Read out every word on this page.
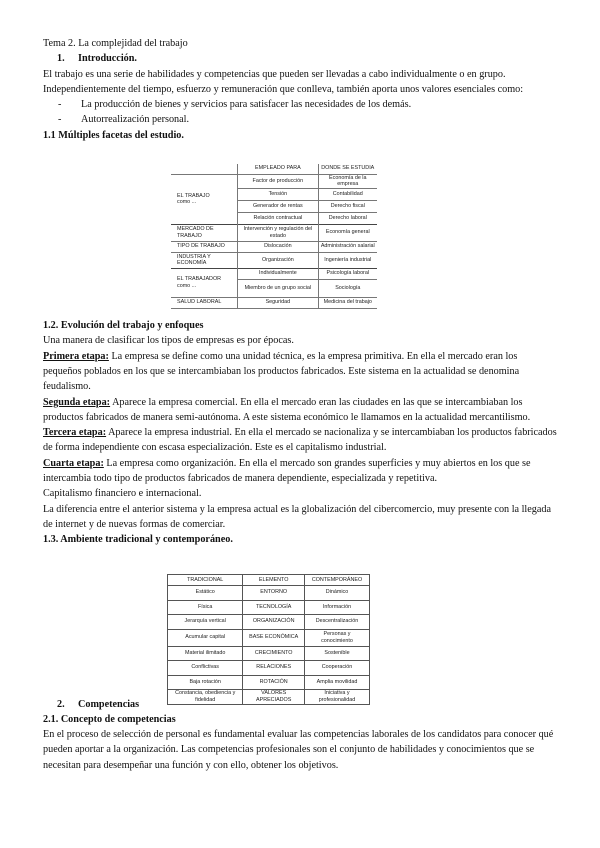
Tema 2. La complejidad del trabajo

1. Introducción.

El trabajo es una serie de habilidades y competencias que pueden ser llevadas a cabo individualmente o en grupo. Independientemente del tiempo, esfuerzo y remuneración que conlleva, también aporta unos valores esenciales como:

-	La producción de bienes y servicios para satisfacer las necesidades de los demás.
-	Autorrealización personal.

1.1 Múltiples facetas del estudio.

1.2. Evolución del trabajo y enfoques

Una manera de clasificar los tipos de empresas es por épocas.

Primera etapa: La empresa se define como una unidad técnica, es la empresa primitiva. En ella el mercado eran los pequeños poblados en los que se intercambiaban los productos fabricados. Este sistema en la actualidad se denomina feudalismo.

Segunda etapa: Aparece la empresa comercial. En ella el mercado eran las ciudades en las que se intercambiaban los productos fabricados de manera semi-autónoma. A este sistema económico le llamamos en la actualidad mercantilismo.

Tercera etapa: Aparece la empresa industrial. En ella el mercado se nacionaliza y se intercambiaban los productos fabricados de forma independiente con escasa especialización. Este es el capitalismo industrial.

Cuarta etapa: La empresa como organización. En ella el mercado son grandes superficies y muy abiertos en los que se intercambia todo tipo de productos fabricados de manera dependiente, especializada y repetitiva.

Capitalismo financiero e internacional.

La diferencia entre el anterior sistema y la empresa actual es la globalización del cibercomercio, muy presente con la llegada de internet y de nuevas formas de comerciar.

1.3. Ambiente tradicional y contemporáneo.

2. Competencias

2.1. Concepto de competencias

En el proceso de selección de personal es fundamental evaluar las competencias laborales de los candidatos para conocer qué pueden aportar a la organización. Las competencias profesionales son el conjunto de habilidades y conocimientos que se necesitan para desempeñar una función y con ello, obtener los objetivos.

	EMPLEADO PARA	DONDE SE ESTUDIA
EL TRABAJO
como ...	Factor de producción	Economía de la empresa
	Tensión	Contabilidad
	Generador de rentas	Derecho fiscal
	Relación contractual	Derecho laboral
MERCADO DE TRABAJO	Intervención y regulación del estado	Economía general
TIPO DE TRABAJO	Dislocación	Administración salarial
INDUSTRIA Y ECONOMÍA	Organización	Ingeniería industrial
EL TRABAJADOR
como ...	Individualmente	Psicología laboral
	Miembro de un grupo social	Sociología
SALUD LABORAL	Seguridad	Medicina del trabajo
TRADICIONAL	ELEMENTO	CONTEMPORÁNEO
Estático	ENTORNO	Dinámico
Física	TECNOLOGÍA	Información
Jerarquía vertical	ORGANIZACIÓN	Descentralización
Acumular capital	BASE ECONÓMICA	Personas y conocimiento
Material ilimitado	CRECIMIENTO	Sostenible
Conflictivas	RELACIONES	Cooperación
Baja rotación	ROTACIÓN	Amplia movilidad
Constancia, obediencia y fidelidad	VALORES APRECIADOS	Iniciativa y profesionalidad
